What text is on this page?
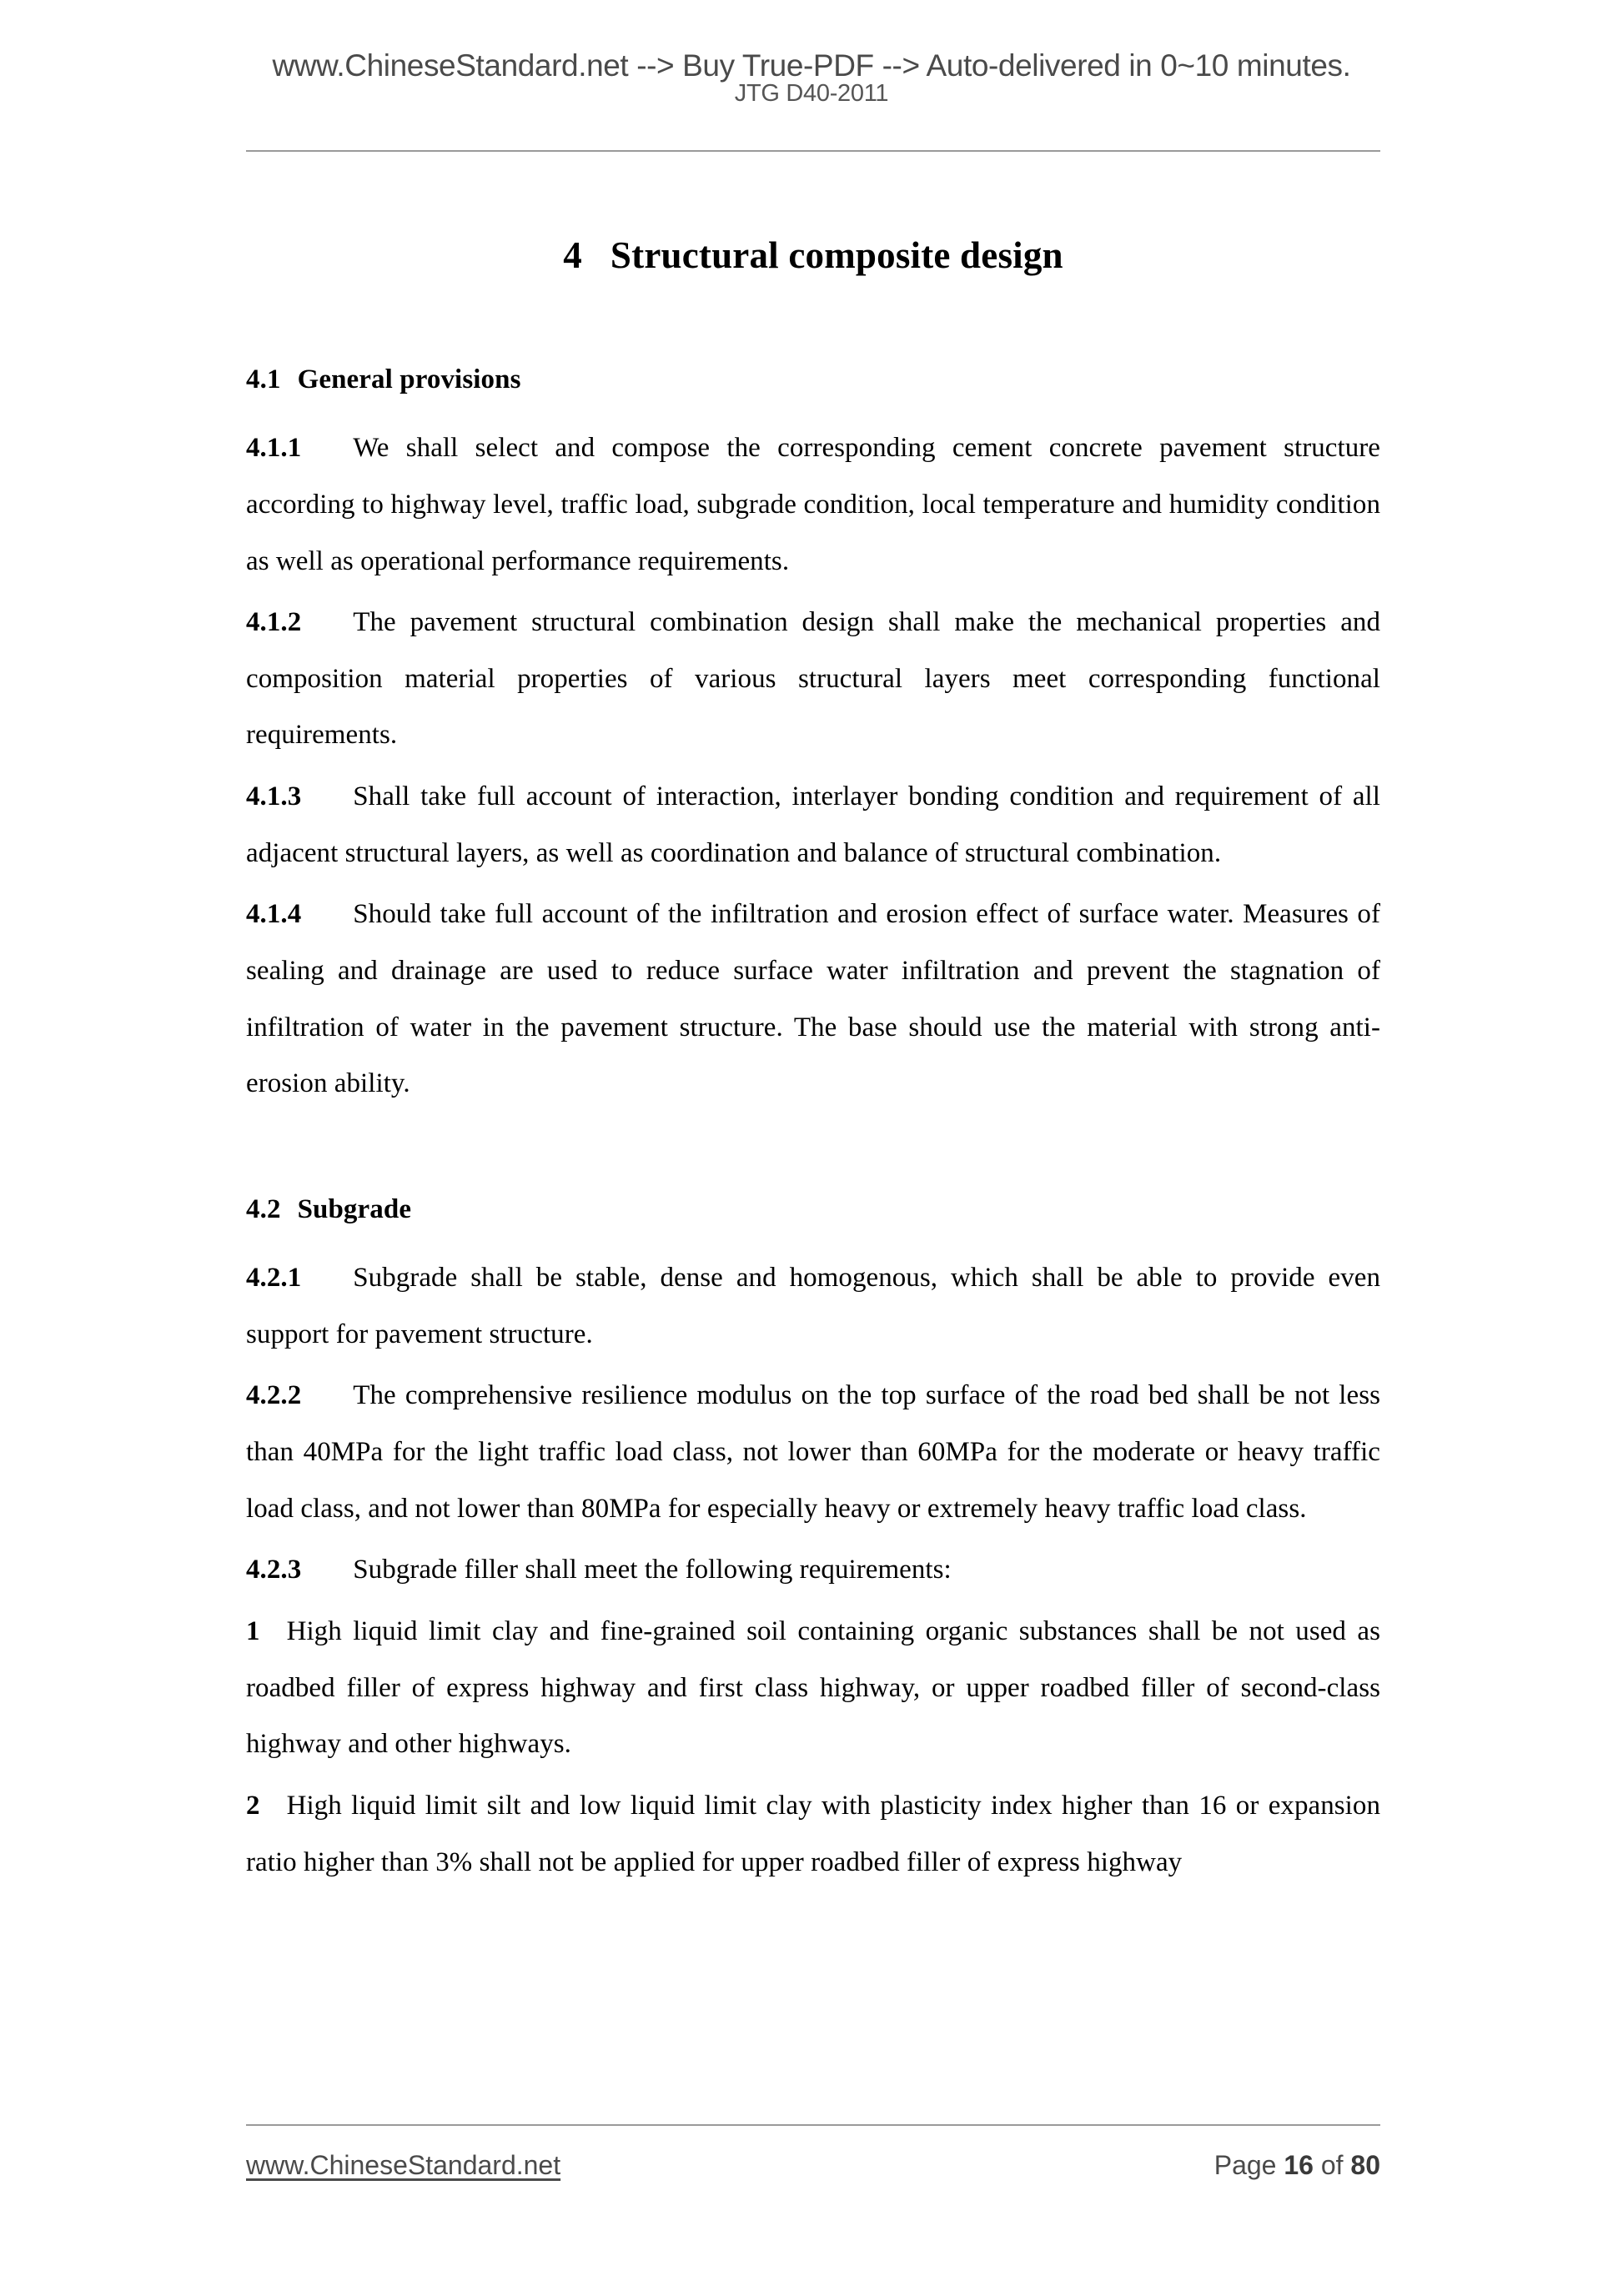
www.ChineseStandard.net --> Buy True-PDF --> Auto-delivered in 0~10 minutes.
JTG D40-2011
4 Structural composite design
4.1 General provisions

4.1.1 We shall select and compose the corresponding cement concrete pavement structure according to highway level, traffic load, subgrade condition, local temperature and humidity condition as well as operational performance requirements.

4.1.2 The pavement structural combination design shall make the mechanical properties and composition material properties of various structural layers meet corresponding functional requirements.

4.1.3 Shall take full account of interaction, interlayer bonding condition and requirement of all adjacent structural layers, as well as coordination and balance of structural combination.

4.1.4 Should take full account of the infiltration and erosion effect of surface water. Measures of sealing and drainage are used to reduce surface water infiltration and prevent the stagnation of infiltration of water in the pavement structure. The base should use the material with strong anti-erosion ability.

4.2 Subgrade

4.2.1 Subgrade shall be stable, dense and homogenous, which shall be able to provide even support for pavement structure.

4.2.2 The comprehensive resilience modulus on the top surface of the road bed shall be not less than 40MPa for the light traffic load class, not lower than 60MPa for the moderate or heavy traffic load class, and not lower than 80MPa for especially heavy or extremely heavy traffic load class.

4.2.3 Subgrade filler shall meet the following requirements:

1 High liquid limit clay and fine-grained soil containing organic substances shall be not used as roadbed filler of express highway and first class highway, or upper roadbed filler of second-class highway and other highways.

2 High liquid limit silt and low liquid limit clay with plasticity index higher than 16 or expansion ratio higher than 3% shall not be applied for upper roadbed filler of express highway

www.ChineseStandard.net	Page 16 of 80
